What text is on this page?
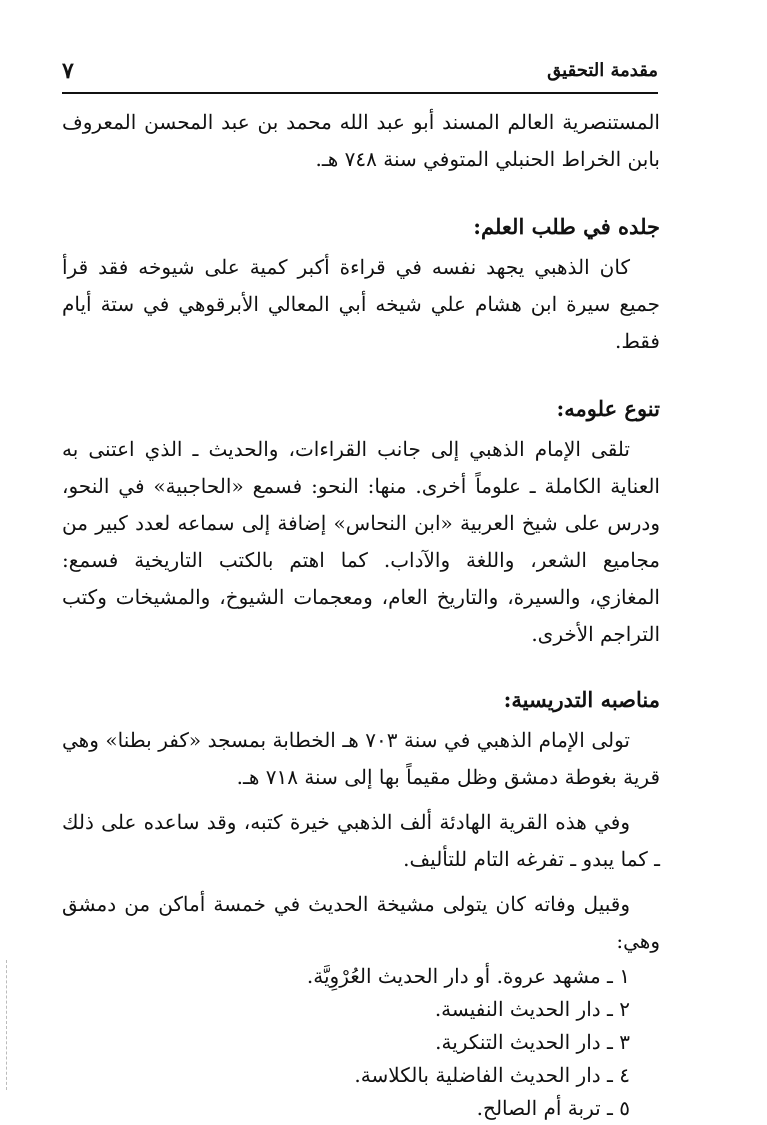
مقدمة التحقيق
٧

المستنصرية العالم المسند أبو عبد الله محمد بن عبد المحسن المعروف بابن الخراط الحنبلي المتوفي سنة ٧٤٨ هـ.

جلده في طلب العلم:

كان الذهبي يجهد نفسه في قراءة أكبر كمية على شيوخه فقد قرأ جميع سيرة ابن هشام علي شيخه أبي المعالي الأبرقوهي في ستة أيام فقط.

تنوع علومه:

تلقى الإمام الذهبي إلى جانب القراءات، والحديث ـ الذي اعتنى به العناية الكاملة ـ علوماً أخرى. منها: النحو: فسمع «الحاجبية» في النحو، ودرس على شيخ العربية «ابن النحاس» إضافة إلى سماعه لعدد كبير من مجاميع الشعر، واللغة والآداب. كما اهتم بالكتب التاريخية فسمع: المغازي، والسيرة، والتاريخ العام، ومعجمات الشيوخ، والمشيخات وكتب التراجم الأخرى.

مناصبه التدريسية:

تولى الإمام الذهبي في سنة ٧٠٣ هـ الخطابة بمسجد «كفر بطنا» وهي قرية بغوطة دمشق وظل مقيماً بها إلى سنة ٧١٨ هـ.

وفي هذه القرية الهادئة ألف الذهبي خيرة كتبه، وقد ساعده على ذلك ـ كما يبدو ـ تفرغه التام للتأليف.

وقبيل وفاته كان يتولى مشيخة الحديث في خمسة أماكن من دمشق وهي:

١ ـ مشهد عروة. أو دار الحديث العُرْوِيَّة.
٢ ـ دار الحديث النفيسة.
٣ ـ دار الحديث التنكرية.
٤ ـ دار الحديث الفاضلية بالكلاسة.
٥ ـ تربة أم الصالح.
